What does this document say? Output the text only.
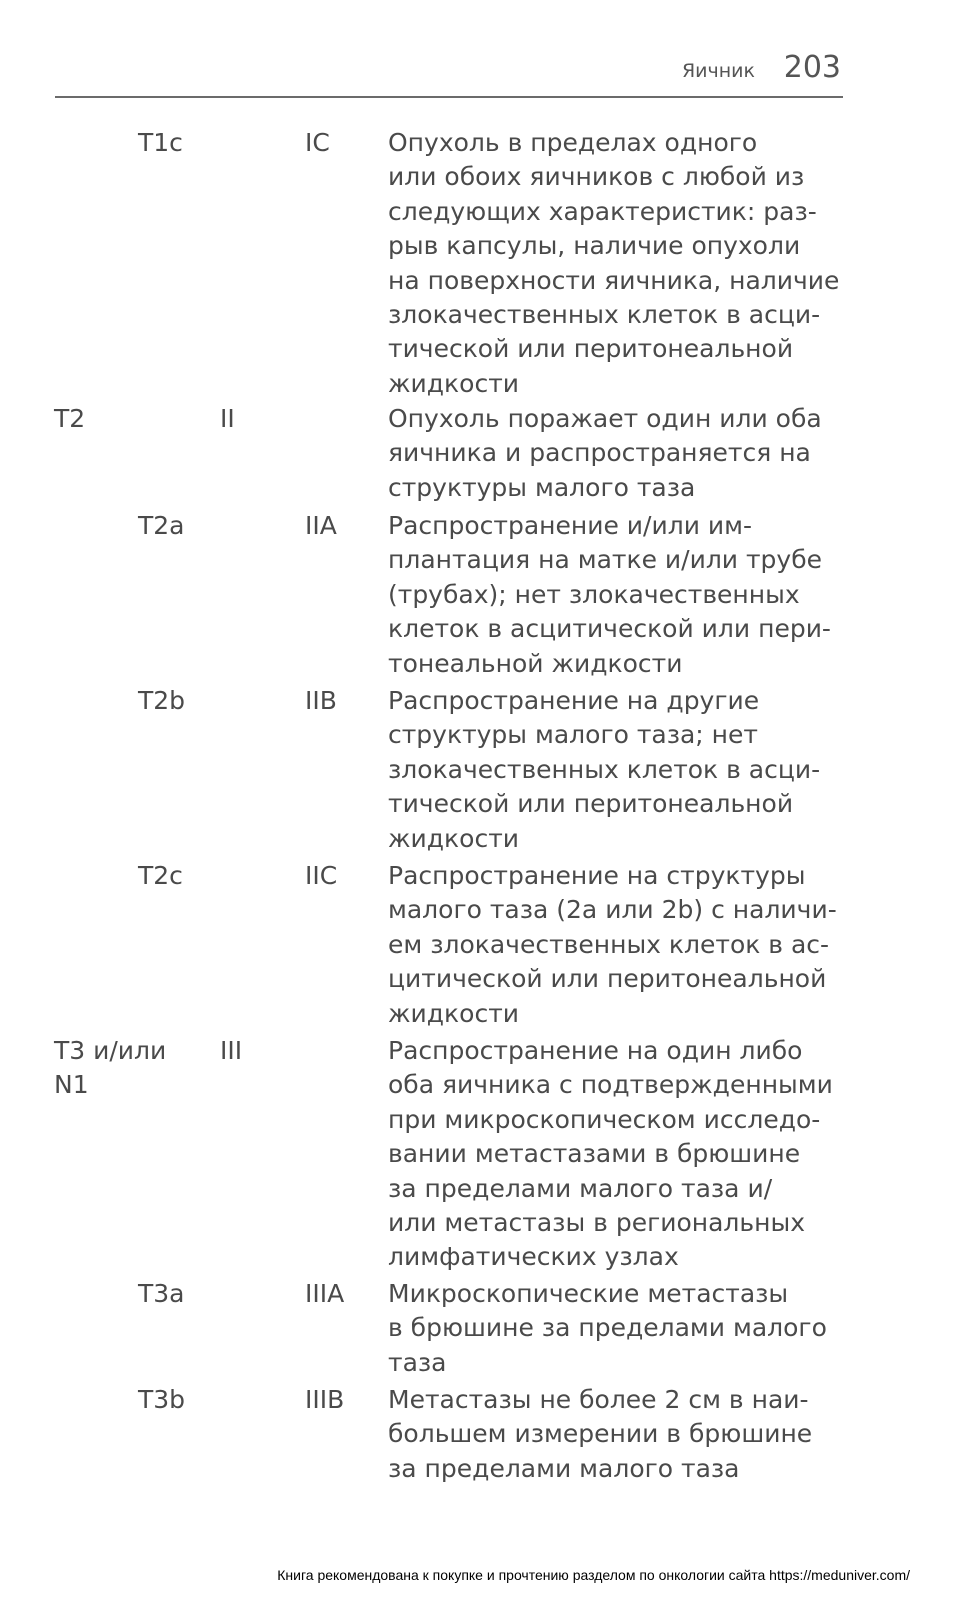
Яичник 203
T1c	IC Опухоль в пределах одного
или обоих яичников с любой из
следующих характеристик: раз-
рыв капсулы, наличие опухоли
на поверхности яичника, наличие
злокачественных клеток в асци-
тической или перитонеальной
жидкости
T2	II	Опухоль поражает один или оба
яичника и распространяется на
структуры малого таза
T2a	IIA Распространение и/или им-
плантация на матке и/или трубе
(трубах); нет злокачественных
клеток в асцитической или пери-
тонеальной жидкости
T2b	IIB Распространение на другие
структуры малого таза; нет
злокачественных клеток в асци-
тической или перитонеальной
жидкости
T2c	IIC Распространение на структуры
малого таза (2а или 2b) с наличи-
ем злокачественных клеток в ас-
цитической или перитонеальной
жидкости
T3 и/или
N1
III	Распространение на один либо
оба яичника с подтвержденными
при микроскопическом исследо-
вании метастазами в брюшине
за пределами малого таза и/
или метастазы в региональных
лимфатических узлах
T3a	IIIA Микроскопические метастазы
в брюшине за пределами малого
таза
T3b	IIIB Метастазы не более 2 см в наи-
большем измерении в брюшине
за пределами малого таза
Книга рекомендована к покупке и прочтению разделом по онкологии сайта https://meduniver.com/
